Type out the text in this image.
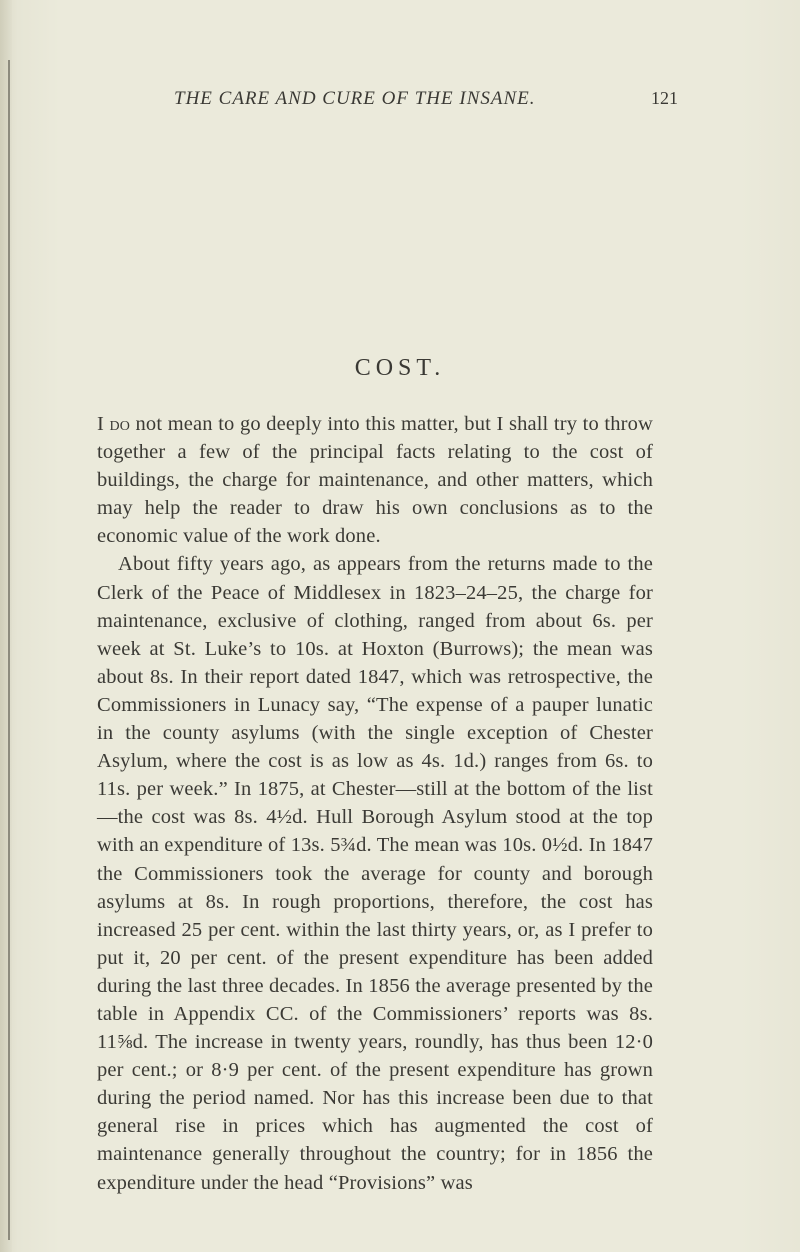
THE CARE AND CURE OF THE INSANE.	121
COST.

I do not mean to go deeply into this matter, but I shall try to throw together a few of the principal facts relating to the cost of buildings, the charge for maintenance, and other matters, which may help the reader to draw his own conclusions as to the economic value of the work done.

About fifty years ago, as appears from the returns made to the Clerk of the Peace of Middlesex in 1823–24–25, the charge for maintenance, exclusive of clothing, ranged from about 6s. per week at St. Luke’s to 10s. at Hoxton (Burrows); the mean was about 8s. In their report dated 1847, which was retrospective, the Commissioners in Lunacy say, “The expense of a pauper lunatic in the county asylums (with the single exception of Chester Asylum, where the cost is as low as 4s. 1d.) ranges from 6s. to 11s. per week.” In 1875, at Chester—still at the bottom of the list—the cost was 8s. 4½d. Hull Borough Asylum stood at the top with an expenditure of 13s. 5¾d. The mean was 10s. 0½d. In 1847 the Commissioners took the average for county and borough asylums at 8s. In rough proportions, therefore, the cost has increased 25 per cent. within the last thirty years, or, as I prefer to put it, 20 per cent. of the present expenditure has been added during the last three decades. In 1856 the average presented by the table in Appendix CC. of the Commissioners’ reports was 8s. 11⅝d. The increase in twenty years, roundly, has thus been 12·0 per cent.; or 8·9 per cent. of the present expenditure has grown during the period named. Nor has this increase been due to that general rise in prices which has augmented the cost of maintenance generally throughout the country; for in 1856 the expenditure under the head “Provisions” was
